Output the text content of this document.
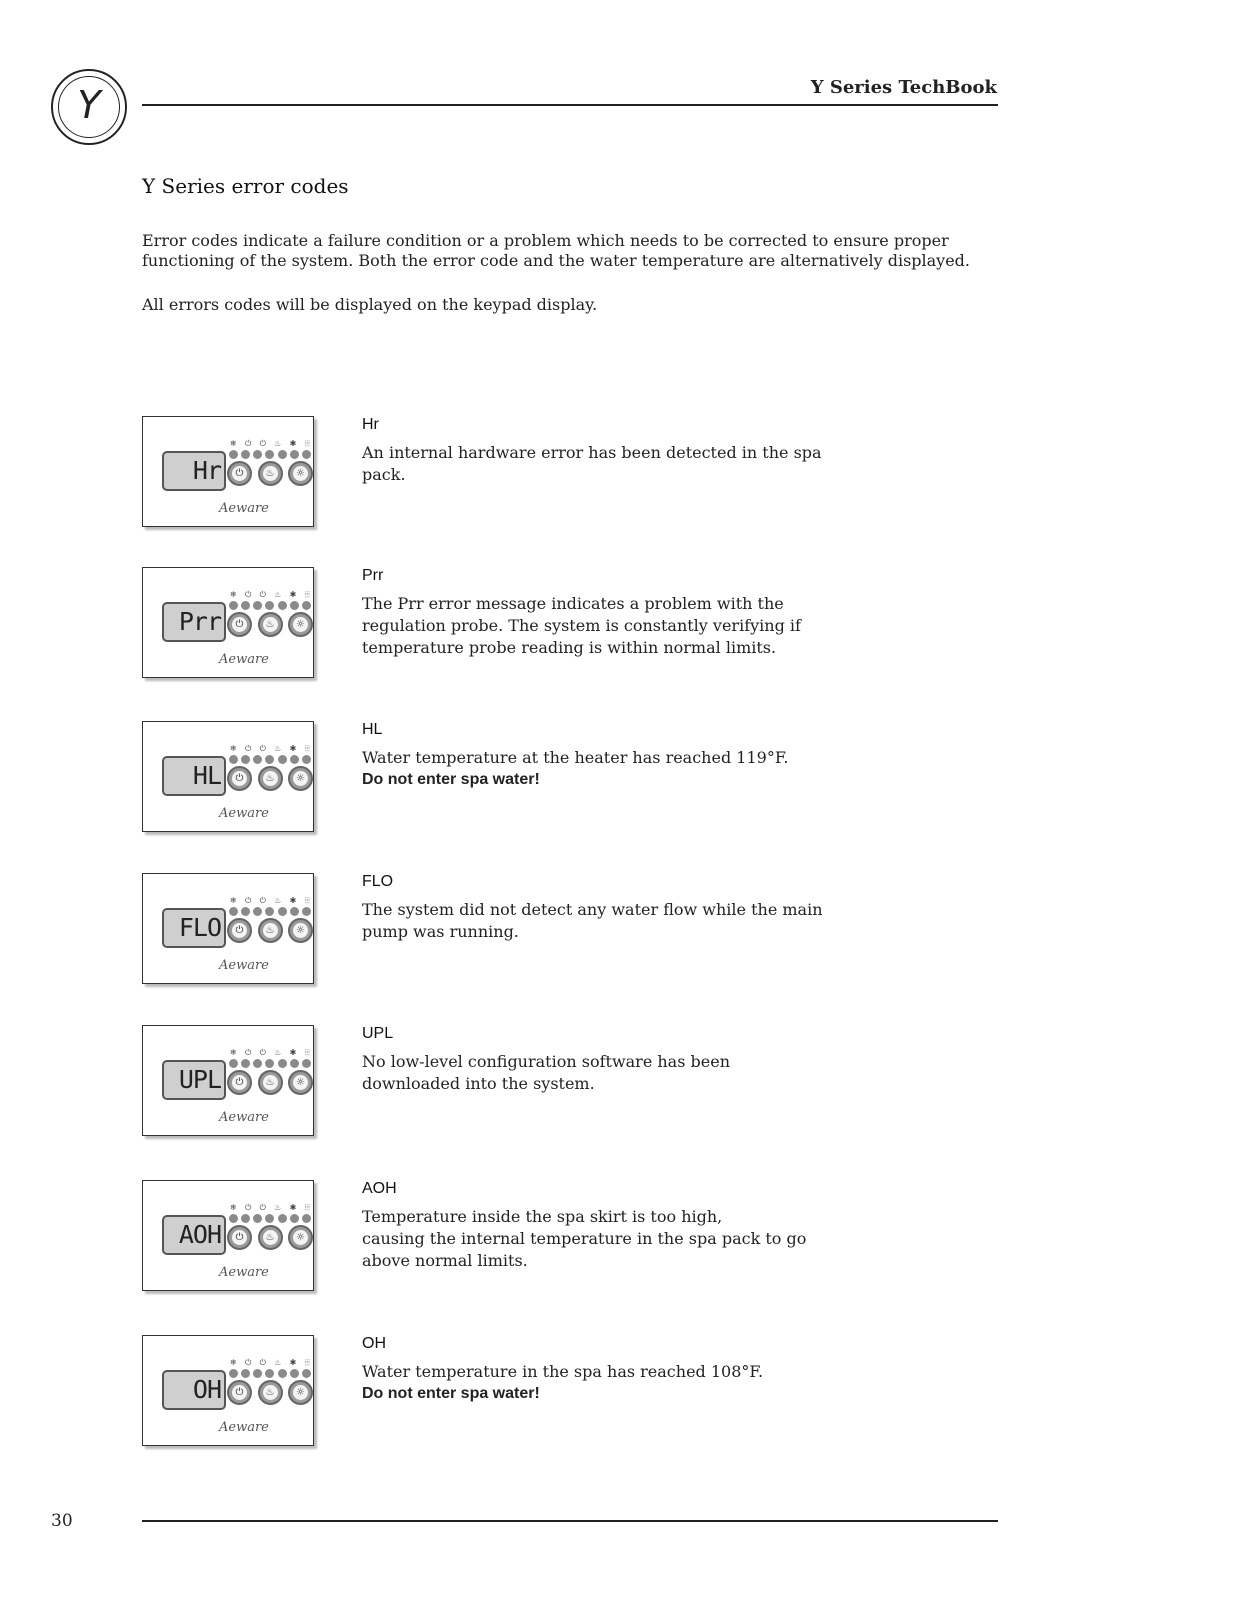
Y	Y Series TechBook
Y Series error codes

Error codes indicate a failure condition or a problem which needs to be corrected to ensure proper functioning of the system. Both the error code and the water temperature are alternatively displayed.

All errors codes will be displayed on the keypad display.

❄ ⏻ ⏻ ♨ ✱ ⦙⦙⦙
Hr	⏻	♨	☼
Aeware
Hr

An internal hardware error has been detected in the spa pack.

❄ ⏻ ⏻ ♨ ✱ ⦙⦙⦙
Prr	⏻	♨	☼
Aeware
Prr

The Prr error message indicates a problem with the
regulation probe. The system is constantly verifying if
temperature probe reading is within normal limits.

❄ ⏻ ⏻ ♨ ✱ ⦙⦙⦙
HL	⏻	♨	☼
Aeware
HL

Water temperature at the heater has reached 119°F.
Do not enter spa water!

❄ ⏻ ⏻ ♨ ✱ ⦙⦙⦙
FLO	⏻	♨	☼
Aeware
FLO

The system did not detect any water flow while the main
pump was running.

❄ ⏻ ⏻ ♨ ✱ ⦙⦙⦙
UPL	⏻	♨	☼
Aeware
UPL

No low-level configuration software has been
downloaded into the system.

❄ ⏻ ⏻ ♨ ✱ ⦙⦙⦙
AOH	⏻	♨	☼
Aeware
AOH

Temperature inside the spa skirt is too high,
causing the internal temperature in the spa pack to go
above normal limits.

❄ ⏻ ⏻ ♨ ✱ ⦙⦙⦙
OH	⏻	♨	☼
Aeware
OH

Water temperature in the spa has reached 108°F.
Do not enter spa water!

30
